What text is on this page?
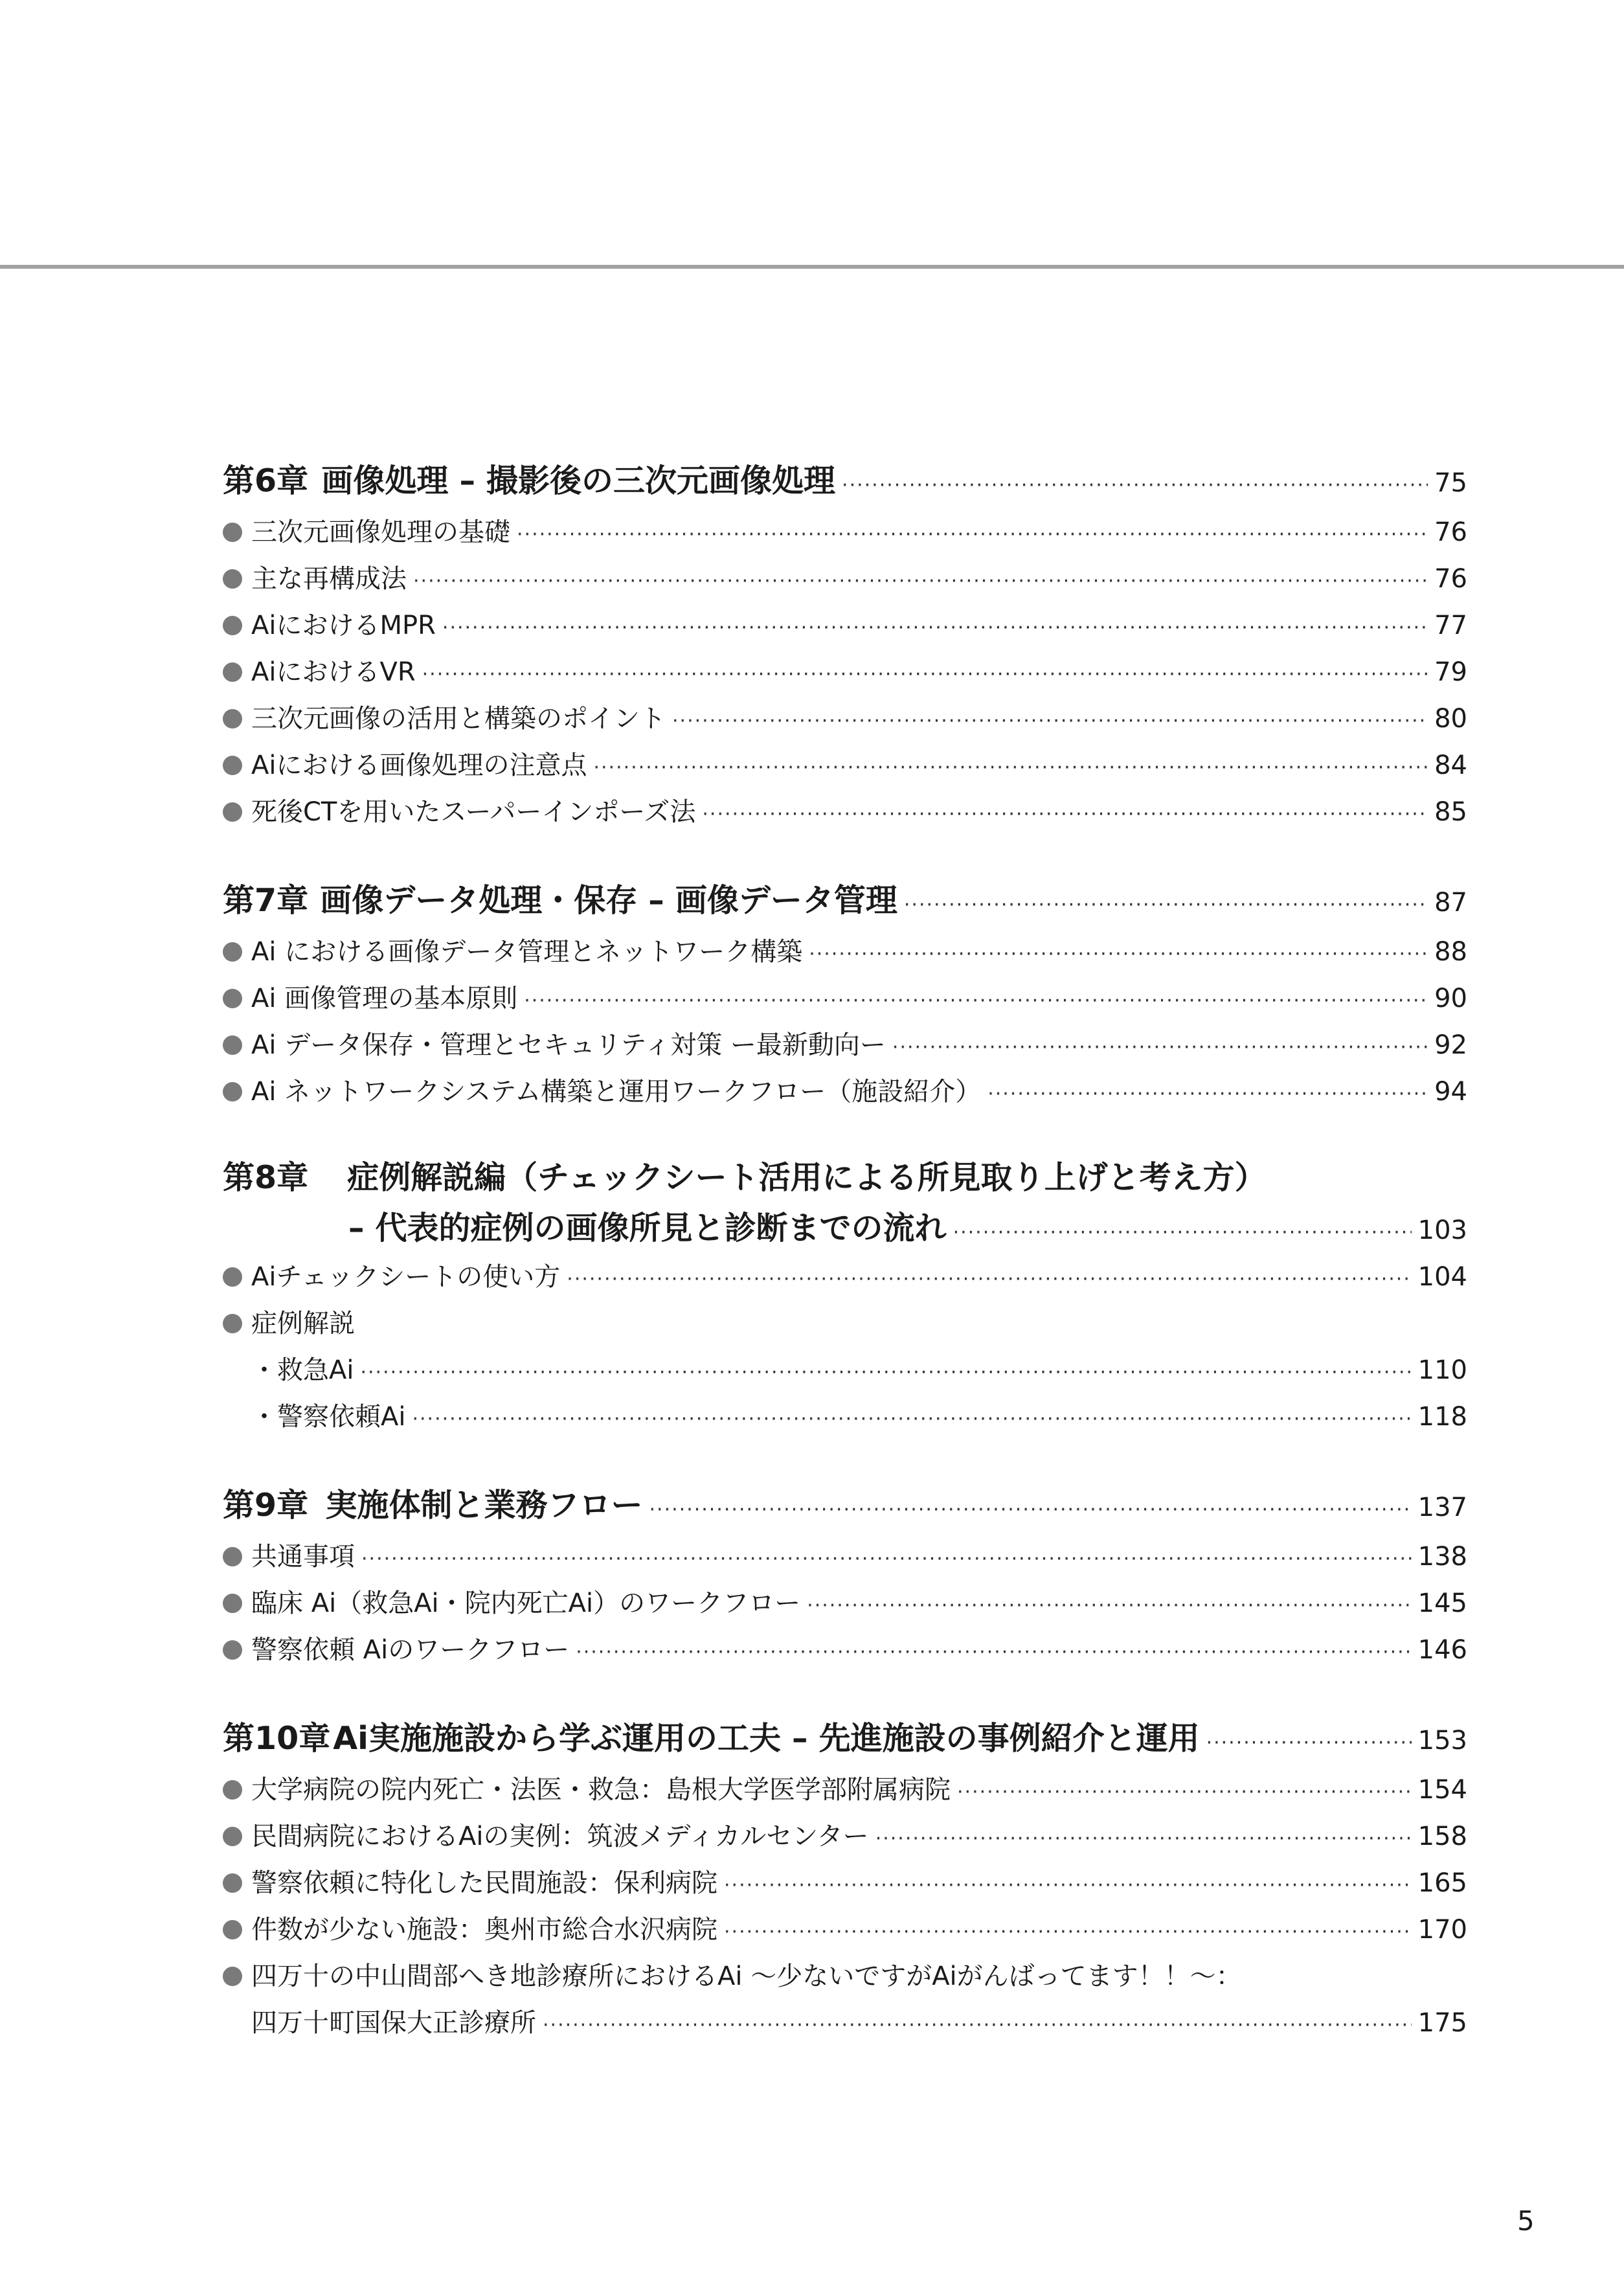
第6章 画像処理 – 撮影後の三次元画像処理 ·····	75
三次元画像処理の基礎 ·····	76
主な再構成法 ·····	76
AiにおけるMPR ·····	77
AiにおけるVR ·····	79
三次元画像の活用と構築のポイント ·····	80
Aiにおける画像処理の注意点 ·····	84
死後CTを用いたスーパーインポーズ法 ·····	85
第7章 画像データ処理・保存 – 画像データ管理 ·····	87
Ai における画像データ管理とネットワーク構築 ·····	88
Ai 画像管理の基本原則 ·····	90
Ai データ保存・管理とセキュリティ対策 ー最新動向ー ·····	92
Ai ネットワークシステム構築と運用ワークフロー（施設紹介） ·····	94
第8章 症例解説編（チェックシート活用による所見取り上げと考え方）
– 代表的症例の画像所見と診断までの流れ ·····	103
Aiチェックシートの使い方 ·····	104
症例解説
・救急Ai ·····	110
・警察依頼Ai ·····	118
第9章 実施体制と業務フロー ·····	137
共通事項 ·····	138
臨床 Ai（救急Ai・院内死亡Ai）のワークフロー ·····	145
警察依頼 Aiのワークフロー ·····	146
第10章 Ai実施施設から学ぶ運用の工夫 – 先進施設の事例紹介と運用 ·····	153
大学病院の院内死亡・法医・救急：島根大学医学部附属病院 ·····	154
民間病院におけるAiの実例：筑波メディカルセンター ·····	158
警察依頼に特化した民間施設：保利病院 ·····	165
件数が少ない施設：奥州市総合水沢病院 ·····	170
四万十の中山間部へき地診療所におけるAi 〜少ないですがAiがんばってます！！〜：
四万十町国保大正診療所 ·····	175
5
